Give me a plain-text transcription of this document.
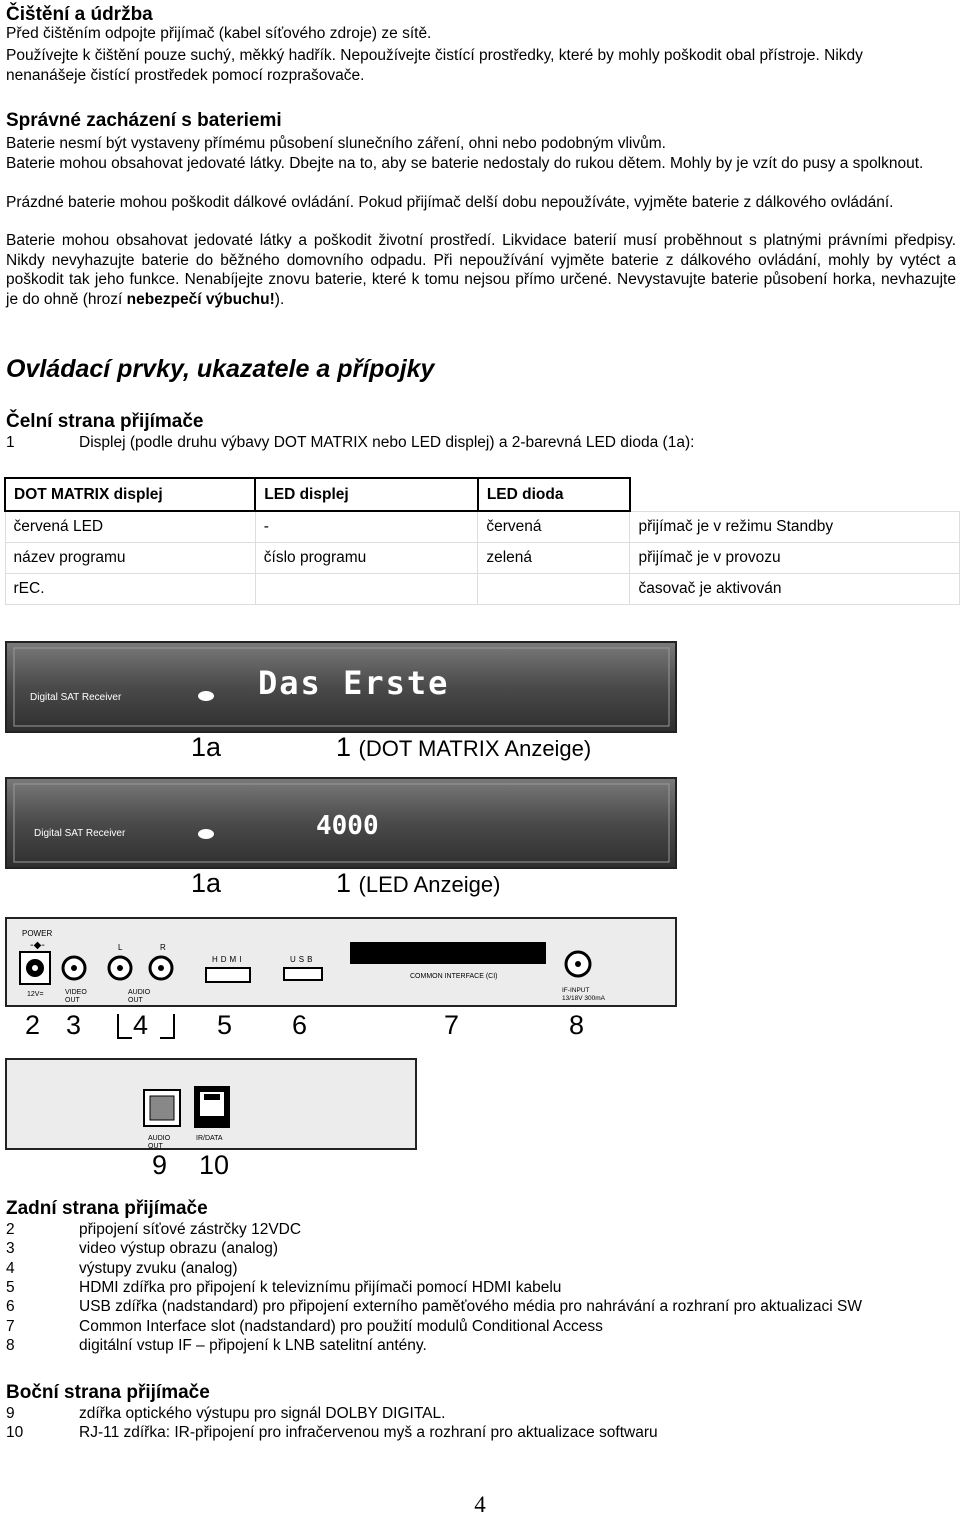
Čištění a údržba
Před čištěním odpojte přijímač (kabel síťového zdroje) ze sítě.
Používejte k čištění pouze suchý, měkký hadřík. Nepoužívejte čistící prostředky, které by mohly poškodit obal přístroje. Nikdy nenanášeje čistící prostředek pomocí rozprašovače.
Správné zacházení s bateriemi
Baterie nesmí být vystaveny přímému působení slunečního záření, ohni nebo podobným vlivům.
Baterie mohou obsahovat jedovaté látky. Dbejte na to, aby se baterie nedostaly do rukou dětem. Mohly by je vzít do pusy a spolknout.
Prázdné baterie mohou poškodit dálkové ovládání. Pokud přijímač delší dobu nepoužíváte, vyjměte baterie z dálkového ovládání.
Baterie mohou obsahovat jedovaté látky a poškodit životní prostředí. Likvidace baterií musí proběhnout s platnými právními předpisy. Nikdy nevyhazujte baterie do běžného domovního odpadu. Při nepoužívání vyjměte baterie z dálkového ovládání, mohly by vytéct a poškodit tak jeho funkce. Nenabíjejte znovu baterie, které k tomu nejsou přímo určené. Nevystavujte baterie působení horka, nevhazujte je do ohně (hrozí nebezpečí výbuchu!).
Ovládací prvky, ukazatele a přípojky
Čelní strana přijímače
1	Displej (podle druhu výbavy DOT MATRIX nebo LED displej) a 2-barevná LED dioda (1a):
DOT MATRIX displej	LED displej	LED dioda	
červená LED	-	červená	přijímač je v režimu Standby
název programu	číslo programu	zelená	přijímač je v provozu
rEC.			časovač je aktivován
Digital SAT Receiver	Das Erste
1a	1 (DOT MATRIX Anzeige)
Digital SAT Receiver	4000
1a	1 (LED Anzeige)
POWER
-◆-
12V=	VIDEO OUT
L	R
AUDIO OUT
HDMI	USB
COMMON INTERFACE (CI)
IF-INPUT 13/18V 300mA
2 3 4	5 6	7	8
AUDIO OUT
IR/DATA
9 10
Zadní strana přijímače
2	připojení síťové zástrčky 12VDC
3	video výstup obrazu (analog)
4	výstupy zvuku (analog)
5	HDMI zdířka pro připojení k televiznímu přijímači pomocí HDMI kabelu
6	USB zdířka (nadstandard) pro připojení externího paměťového média pro nahrávání a rozhraní pro aktualizaci SW
7	Common Interface slot (nadstandard) pro použití modulů Conditional Access
8	digitální vstup IF – připojení k LNB satelitní antény.
Boční strana přijímače
9	zdířka optického výstupu pro signál DOLBY DIGITAL.
10	RJ-11 zdířka: IR-připojení pro infračervenou myš a rozhraní pro aktualizace softwaru
4
